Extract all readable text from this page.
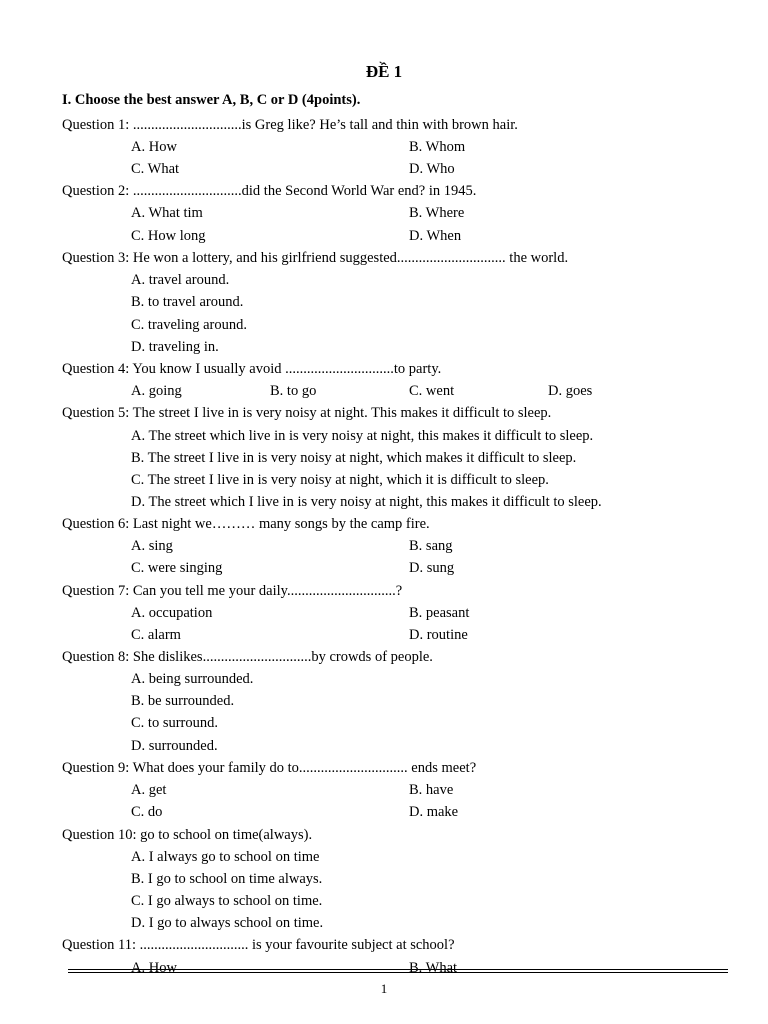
ĐỀ 1
I. Choose the best answer A, B, C or D (4points).
Question 1: ..............................is Greg like? He’s tall and thin with brown hair.
A. How	B. Whom
C. What	D. Who
Question 2: ..............................did the Second World War end? in 1945.
A. What tim	B. Where
C. How long	D. When
Question 3: He won a lottery, and his girlfriend suggested.............................. the world.
A. travel around.
B. to travel around.
C. traveling around.
D. traveling in.
Question 4: You know I usually avoid ..............................to party.
A. going	B. to go	C. went	D. goes
Question 5: The street I live in is very noisy at night. This makes it difficult to sleep.
A. The street which live in is very noisy at night, this makes it difficult to sleep.
B. The street I live in is very noisy at night, which makes it difficult to sleep.
C. The street I live in is very noisy at night, which it is difficult to sleep.
D. The street which I live in is very noisy at night, this makes it difficult to sleep.
Question 6: Last night we……… many songs by the camp fire.
A. sing	B. sang
C. were singing	D. sung
Question 7: Can you tell me your daily..............................?
A. occupation	B. peasant
C. alarm	D. routine
Question 8: She dislikes..............................by crowds of people.
A. being surrounded.
B. be surrounded.
C. to surround.
D. surrounded.
Question 9: What does your family do to.............................. ends meet?
A. get	B. have
C. do	D. make
Question 10: go to school on time(always).
A. I always go to school on time
B. I go to school on time always.
C. I go always to school on time.
D. I go to always school on time.
Question 11: .............................. is your favourite subject at school?
A. How	B. What
1
